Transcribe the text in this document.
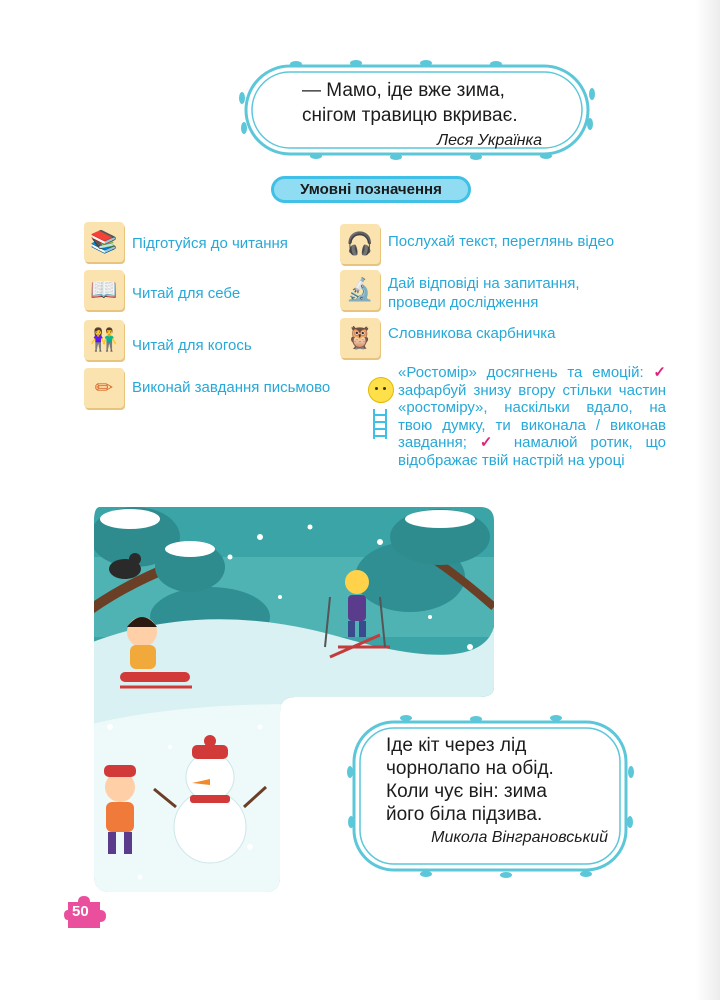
— Мамо, іде вже зима,
снігом травицю вкриває.
Леся Українка
Умовні позначення
📚 Підготуйся до читання
📖 Читай для себе
👫 Читай для когось
✏	Виконай завдання письмово
🎧 Послухай текст, переглянь відео
🔬 Дай відповіді на запитання,
проведи дослідження
🦉 Словникова скарбничка
«Ростомір» досягнень та емоцій: ✓ зафарбуй знизу вгору стільки частин «ростоміру», наскільки вдало, на твою думку, ти виконала / виконав завдання; ✓ намалюй ротик, що відображає твій настрій на уроці
Іде кіт через лід
чорнолапо на обід.
Коли чує він: зима
його біла підзива.
Микола Вінграновський
50
